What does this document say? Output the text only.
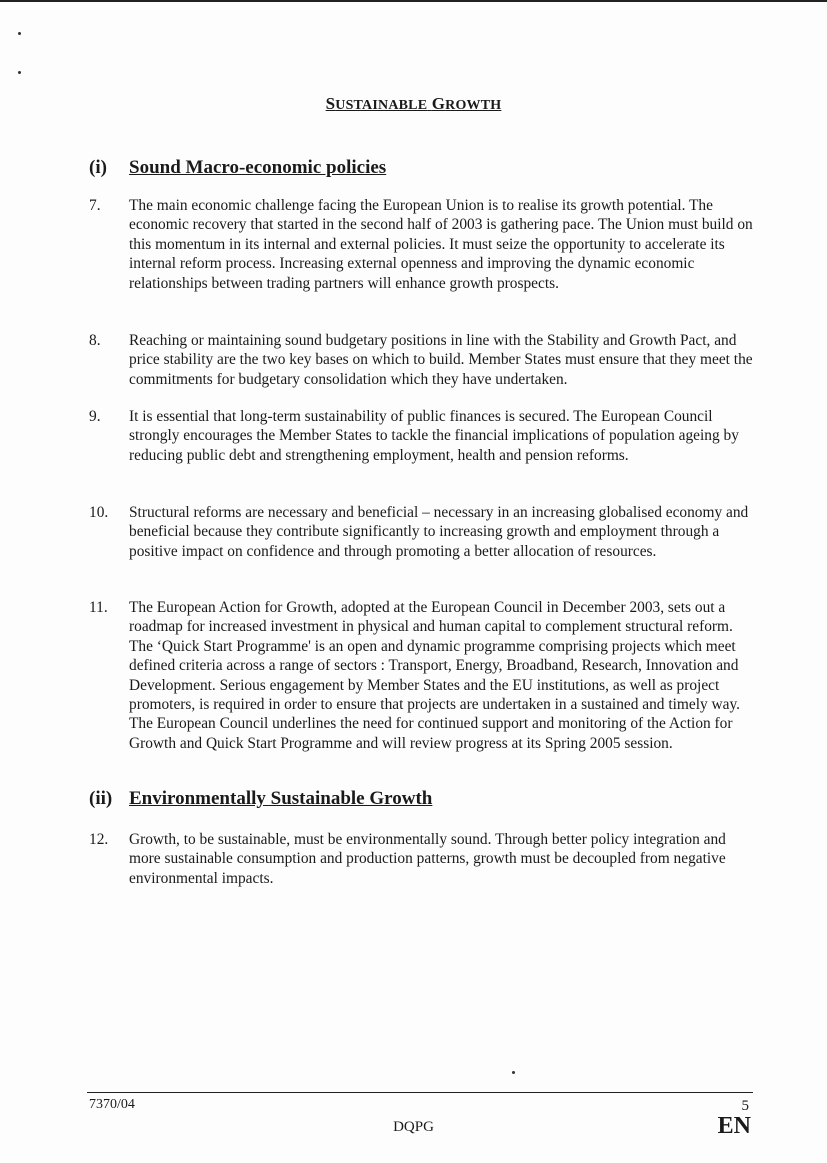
SUSTAINABLE GROWTH
(i) Sound Macro-economic policies
7.	The main economic challenge facing the European Union is to realise its growth potential. The economic recovery that started in the second half of 2003 is gathering pace. The Union must build on this momentum in its internal and external policies. It must seize the opportunity to accelerate its internal reform process. Increasing external openness and improving the dynamic economic relationships between trading partners will enhance growth prospects.
8.	Reaching or maintaining sound budgetary positions in line with the Stability and Growth Pact, and price stability are the two key bases on which to build. Member States must ensure that they meet the commitments for budgetary consolidation which they have undertaken.
9.	It is essential that long-term sustainability of public finances is secured. The European Council strongly encourages the Member States to tackle the financial implications of population ageing by reducing public debt and strengthening employment, health and pension reforms.
10.	Structural reforms are necessary and beneficial – necessary in an increasing globalised economy and beneficial because they contribute significantly to increasing growth and employment through a positive impact on confidence and through promoting a better allocation of resources.
11.	The European Action for Growth, adopted at the European Council in December 2003, sets out a roadmap for increased investment in physical and human capital to complement structural reform. The ‘Quick Start Programme' is an open and dynamic programme comprising projects which meet defined criteria across a range of sectors : Transport, Energy, Broadband, Research, Innovation and Development. Serious engagement by Member States and the EU institutions, as well as project promoters, is required in order to ensure that projects are undertaken in a sustained and timely way. The European Council underlines the need for continued support and monitoring of the Action for Growth and Quick Start Programme and will review progress at its Spring 2005 session.
(ii) Environmentally Sustainable Growth
12.	Growth, to be sustainable, must be environmentally sound. Through better policy integration and more sustainable consumption and production patterns, growth must be decoupled from negative environmental impacts.
7370/04	5
DQPG	EN
